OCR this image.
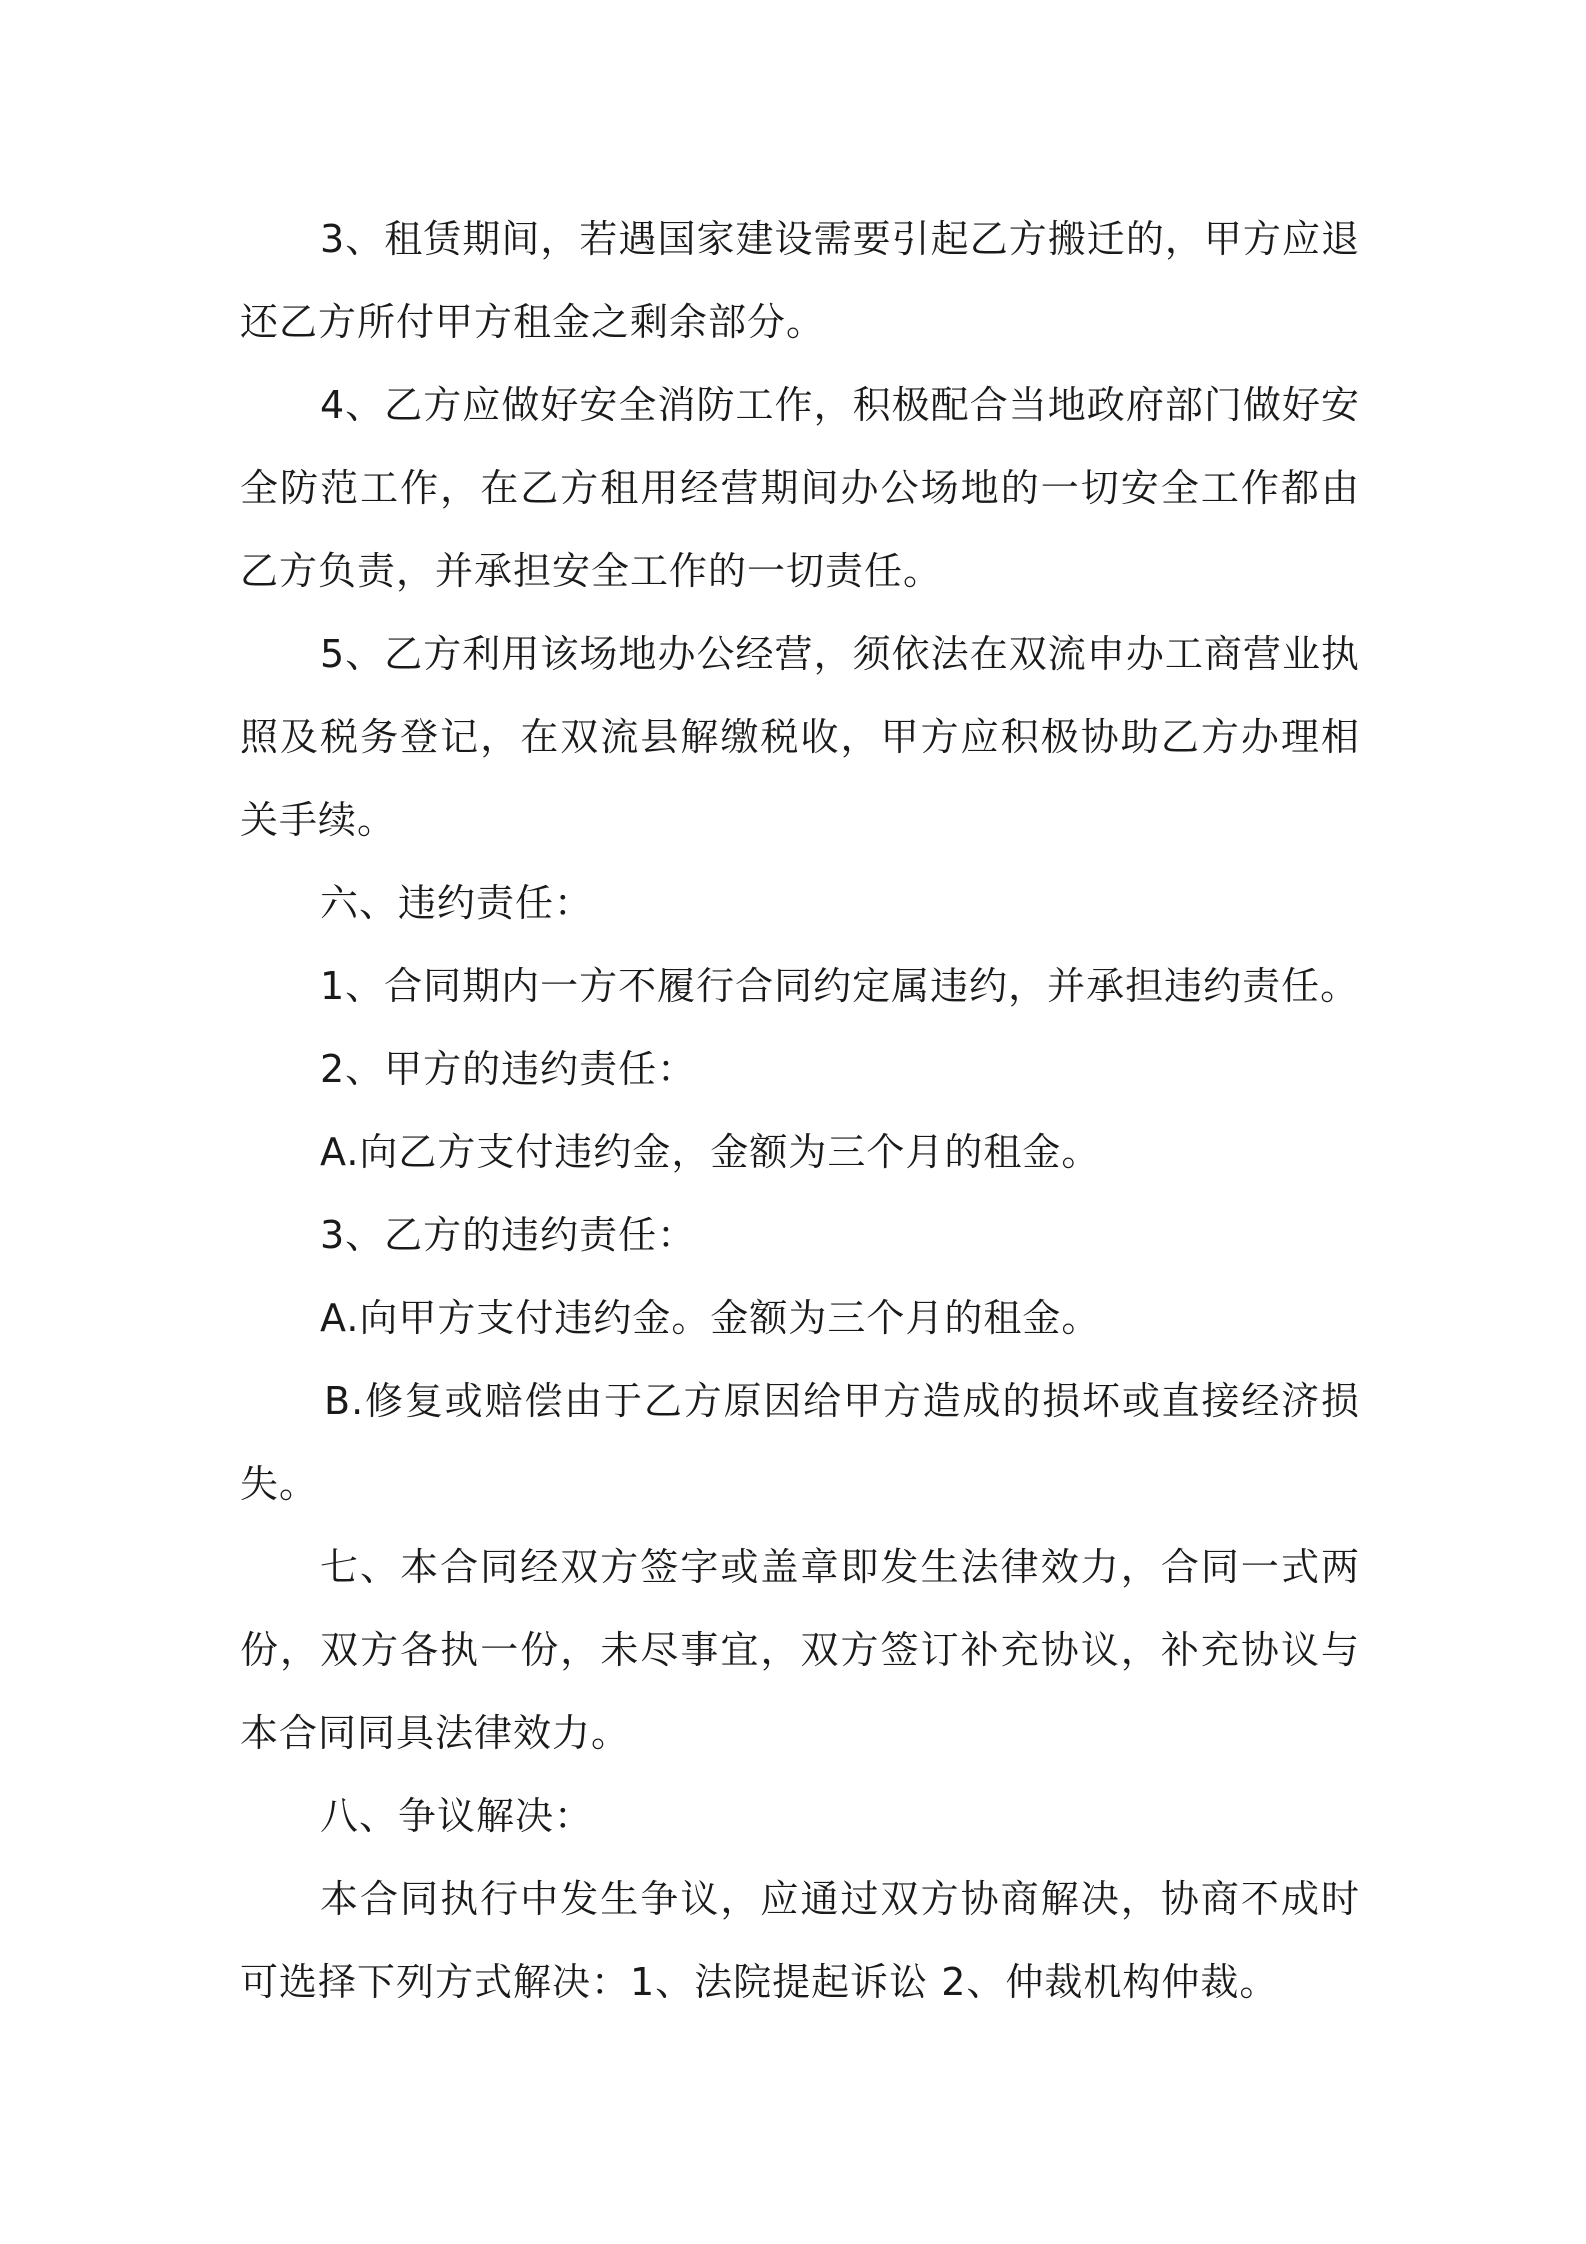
3、租赁期间，若遇国家建设需要引起乙方搬迁的，甲方应退还乙方所付甲方租金之剩余部分。

4、乙方应做好安全消防工作，积极配合当地政府部门做好安全防范工作，在乙方租用经营期间办公场地的一切安全工作都由乙方负责，并承担安全工作的一切责任。

5、乙方利用该场地办公经营，须依法在双流申办工商营业执照及税务登记，在双流县解缴税收，甲方应积极协助乙方办理相关手续。

六、违约责任：

1、合同期内一方不履行合同约定属违约，并承担违约责任。

2、甲方的违约责任：

A.向乙方支付违约金，金额为三个月的租金。

3、乙方的违约责任：

A.向甲方支付违约金。金额为三个月的租金。

B.修复或赔偿由于乙方原因给甲方造成的损坏或直接经济损失。

七、本合同经双方签字或盖章即发生法律效力，合同一式两份，双方各执一份，未尽事宜，双方签订补充协议，补充协议与本合同同具法律效力。

八、争议解决：

本合同执行中发生争议，应通过双方协商解决，协商不成时可选择下列方式解决：1、法院提起诉讼 2、仲裁机构仲裁。
